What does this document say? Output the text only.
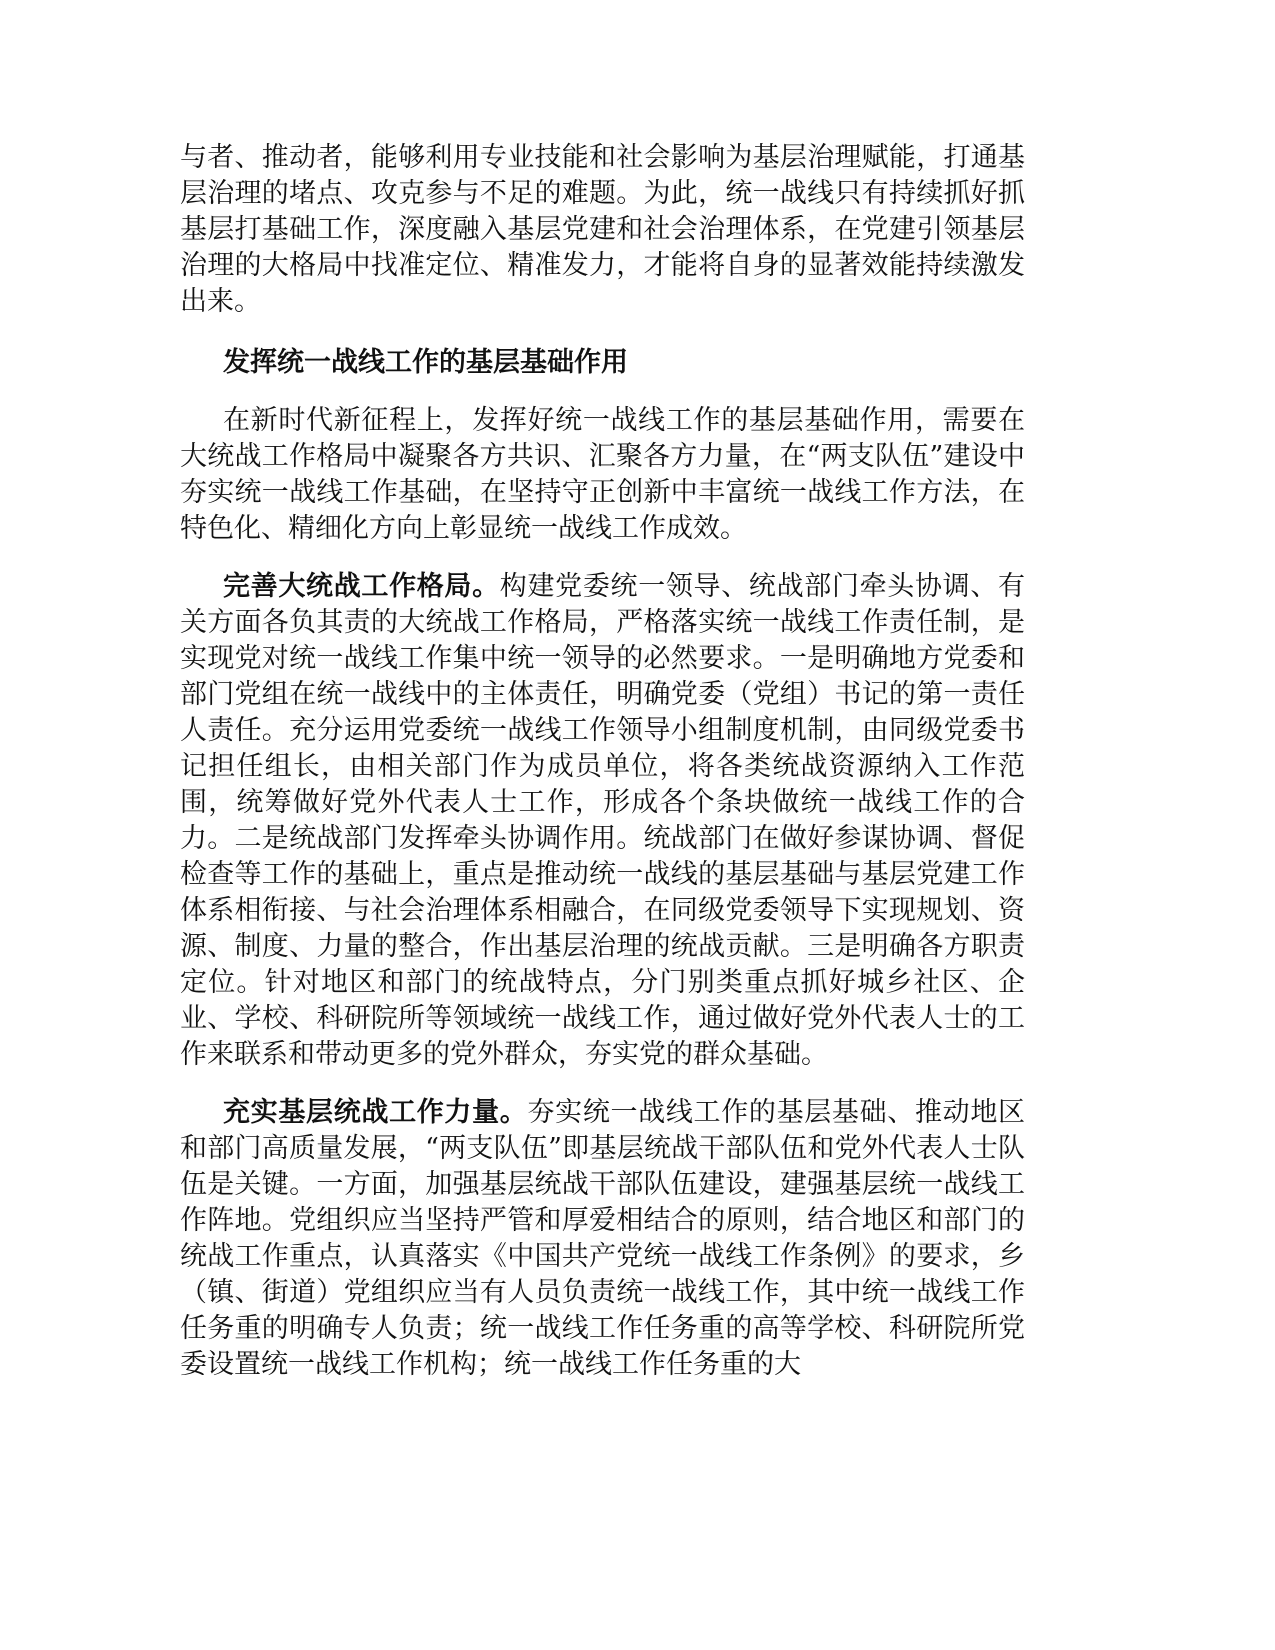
与者、推动者，能够利用专业技能和社会影响为基层治理赋能，打通基层治理的堵点、攻克参与不足的难题。为此，统一战线只有持续抓好抓基层打基础工作，深度融入基层党建和社会治理体系，在党建引领基层治理的大格局中找准定位、精准发力，才能将自身的显著效能持续激发出来。

发挥统一战线工作的基层基础作用

在新时代新征程上，发挥好统一战线工作的基层基础作用，需要在大统战工作格局中凝聚各方共识、汇聚各方力量，在“两支队伍”建设中夯实统一战线工作基础，在坚持守正创新中丰富统一战线工作方法，在特色化、精细化方向上彰显统一战线工作成效。

完善大统战工作格局。构建党委统一领导、统战部门牵头协调、有关方面各负其责的大统战工作格局，严格落实统一战线工作责任制，是实现党对统一战线工作集中统一领导的必然要求。一是明确地方党委和部门党组在统一战线中的主体责任，明确党委（党组）书记的第一责任人责任。充分运用党委统一战线工作领导小组制度机制，由同级党委书记担任组长，由相关部门作为成员单位，将各类统战资源纳入工作范围，统筹做好党外代表人士工作，形成各个条块做统一战线工作的合力。二是统战部门发挥牵头协调作用。统战部门在做好参谋协调、督促检查等工作的基础上，重点是推动统一战线的基层基础与基层党建工作体系相衔接、与社会治理体系相融合，在同级党委领导下实现规划、资源、制度、力量的整合，作出基层治理的统战贡献。三是明确各方职责定位。针对地区和部门的统战特点，分门别类重点抓好城乡社区、企业、学校、科研院所等领域统一战线工作，通过做好党外代表人士的工作来联系和带动更多的党外群众，夯实党的群众基础。

充实基层统战工作力量。夯实统一战线工作的基层基础、推动地区和部门高质量发展，“两支队伍”即基层统战干部队伍和党外代表人士队伍是关键。一方面，加强基层统战干部队伍建设，建强基层统一战线工作阵地。党组织应当坚持严管和厚爱相结合的原则，结合地区和部门的统战工作重点，认真落实《中国共产党统一战线工作条例》的要求，乡（镇、街道）党组织应当有人员负责统一战线工作，其中统一战线工作任务重的明确专人负责；统一战线工作任务重的高等学校、科研院所党委设置统一战线工作机构；统一战线工作任务重的大
